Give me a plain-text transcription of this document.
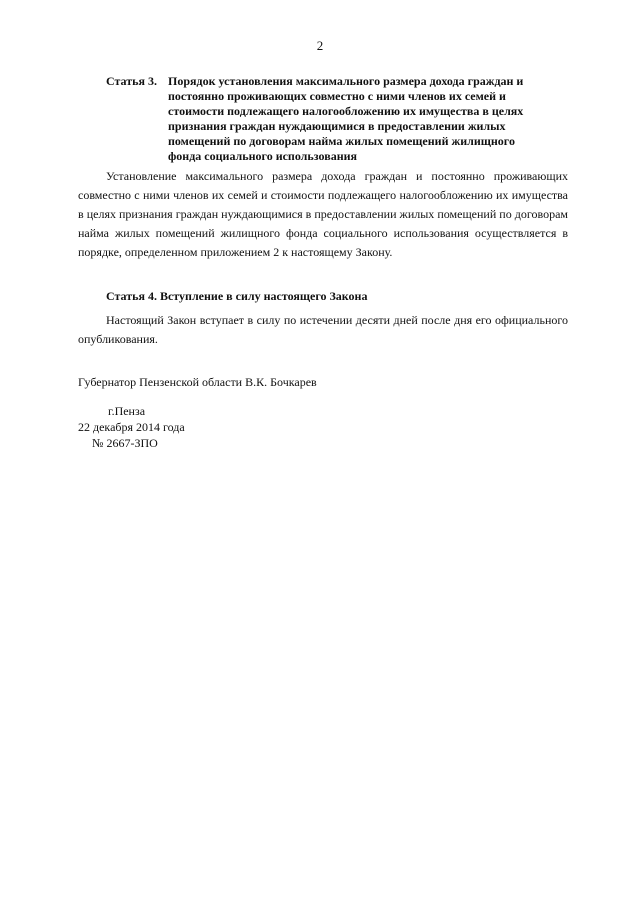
2
Статья 3. Порядок установления максимального размера дохода граждан и постоянно проживающих совместно с ними членов их семей и стоимости подлежащего налогообложению их имущества в целях признания граждан нуждающимися в предоставлении жилых помещений по договорам найма жилых помещений жилищного фонда социального использования

Установление максимального размера дохода граждан и постоянно проживающих совместно с ними членов их семей и стоимости подлежащего налогообложению их имущества в целях признания граждан нуждающимися в предоставлении жилых помещений по договорам найма жилых помещений жилищного фонда социального использования осуществляется в порядке, определенном приложением 2 к настоящему Закону.

Статья 4. Вступление в силу настоящего Закона

Настоящий Закон вступает в силу по истечении десяти дней после дня его официального опубликования.

Губернатор Пензенской области В.К. Бочкарев
г.Пенза
22 декабря 2014 года
№ 2667-ЗПО
